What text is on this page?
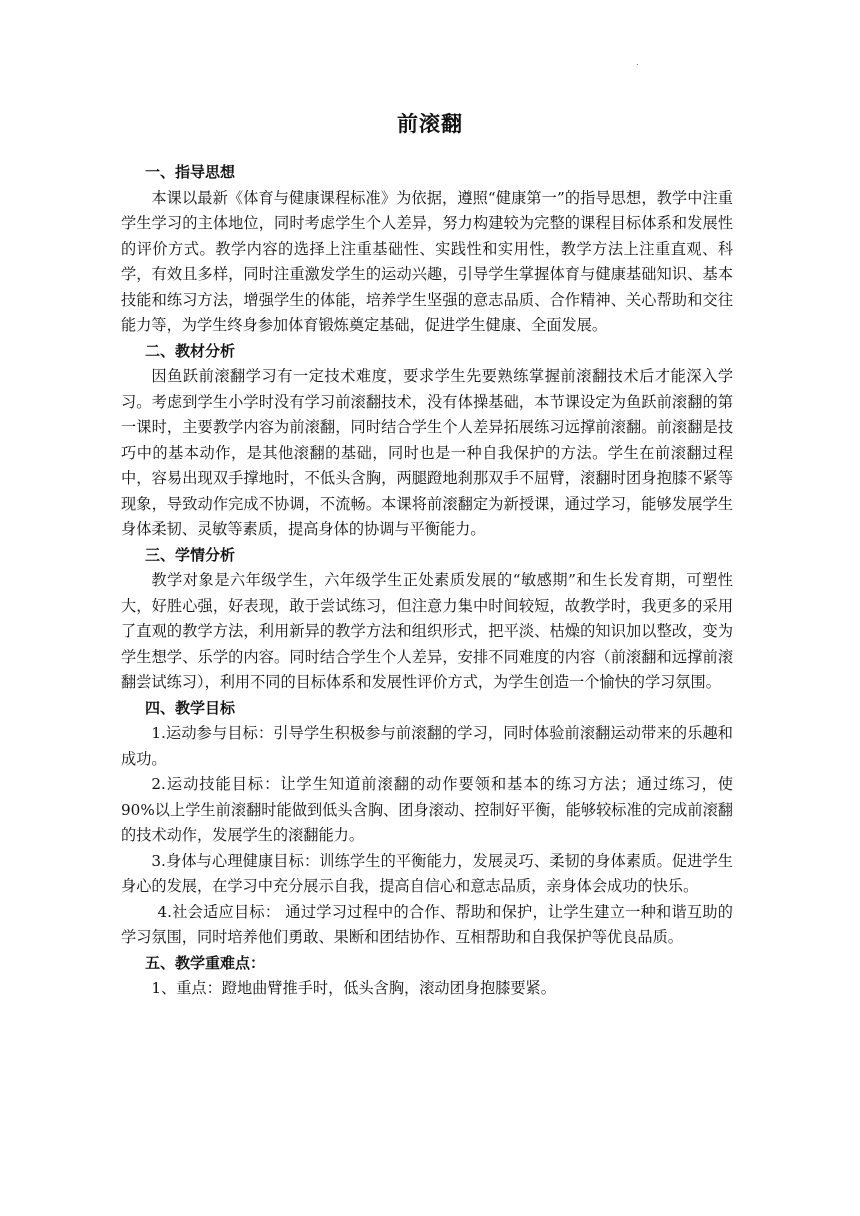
.
前滚翻

一、指导思想

本课以最新《体育与健康课程标准》为依据，遵照“健康第一”的指导思想，教学中注重学生学习的主体地位，同时考虑学生个人差异，努力构建较为完整的课程目标体系和发展性的评价方式。教学内容的选择上注重基础性、实践性和实用性，教学方法上注重直观、科学，有效且多样，同时注重激发学生的运动兴趣，引导学生掌握体育与健康基础知识、基本技能和练习方法，增强学生的体能，培养学生坚强的意志品质、合作精神、关心帮助和交往能力等，为学生终身参加体育锻炼奠定基础，促进学生健康、全面发展。

二、教材分析

因鱼跃前滚翻学习有一定技术难度，要求学生先要熟练掌握前滚翻技术后才能深入学习。考虑到学生小学时没有学习前滚翻技术，没有体操基础，本节课设定为鱼跃前滚翻的第一课时，主要教学内容为前滚翻，同时结合学生个人差异拓展练习远撑前滚翻。前滚翻是技巧中的基本动作，是其他滚翻的基础，同时也是一种自我保护的方法。学生在前滚翻过程中，容易出现双手撑地时，不低头含胸，两腿蹬地刹那双手不屈臂，滚翻时团身抱膝不紧等现象，导致动作完成不协调，不流畅。本课将前滚翻定为新授课，通过学习，能够发展学生身体柔韧、灵敏等素质，提高身体的协调与平衡能力。

三、学情分析

教学对象是六年级学生，六年级学生正处素质发展的“敏感期”和生长发育期，可塑性大，好胜心强，好表现，敢于尝试练习，但注意力集中时间较短，故教学时，我更多的采用了直观的教学方法，利用新异的教学方法和组织形式，把平淡、枯燥的知识加以整改，变为学生想学、乐学的内容。同时结合学生个人差异，安排不同难度的内容（前滚翻和远撑前滚翻尝试练习），利用不同的目标体系和发展性评价方式，为学生创造一个愉快的学习氛围。

四、教学目标

1.运动参与目标：引导学生积极参与前滚翻的学习，同时体验前滚翻运动带来的乐趣和成功。

2.运动技能目标：让学生知道前滚翻的动作要领和基本的练习方法；通过练习，使 90%以上学生前滚翻时能做到低头含胸、团身滚动、控制好平衡，能够较标准的完成前滚翻的技术动作，发展学生的滚翻能力。

3.身体与心理健康目标：训练学生的平衡能力，发展灵巧、柔韧的身体素质。促进学生身心的发展，在学习中充分展示自我，提高自信心和意志品质，亲身体会成功的快乐。

4.社会适应目标： 通过学习过程中的合作、帮助和保护，让学生建立一种和谐互助的学习氛围，同时培养他们勇敢、果断和团结协作、互相帮助和自我保护等优良品质。

五、教学重难点：

1、重点：蹬地曲臂推手时，低头含胸，滚动团身抱膝要紧。
